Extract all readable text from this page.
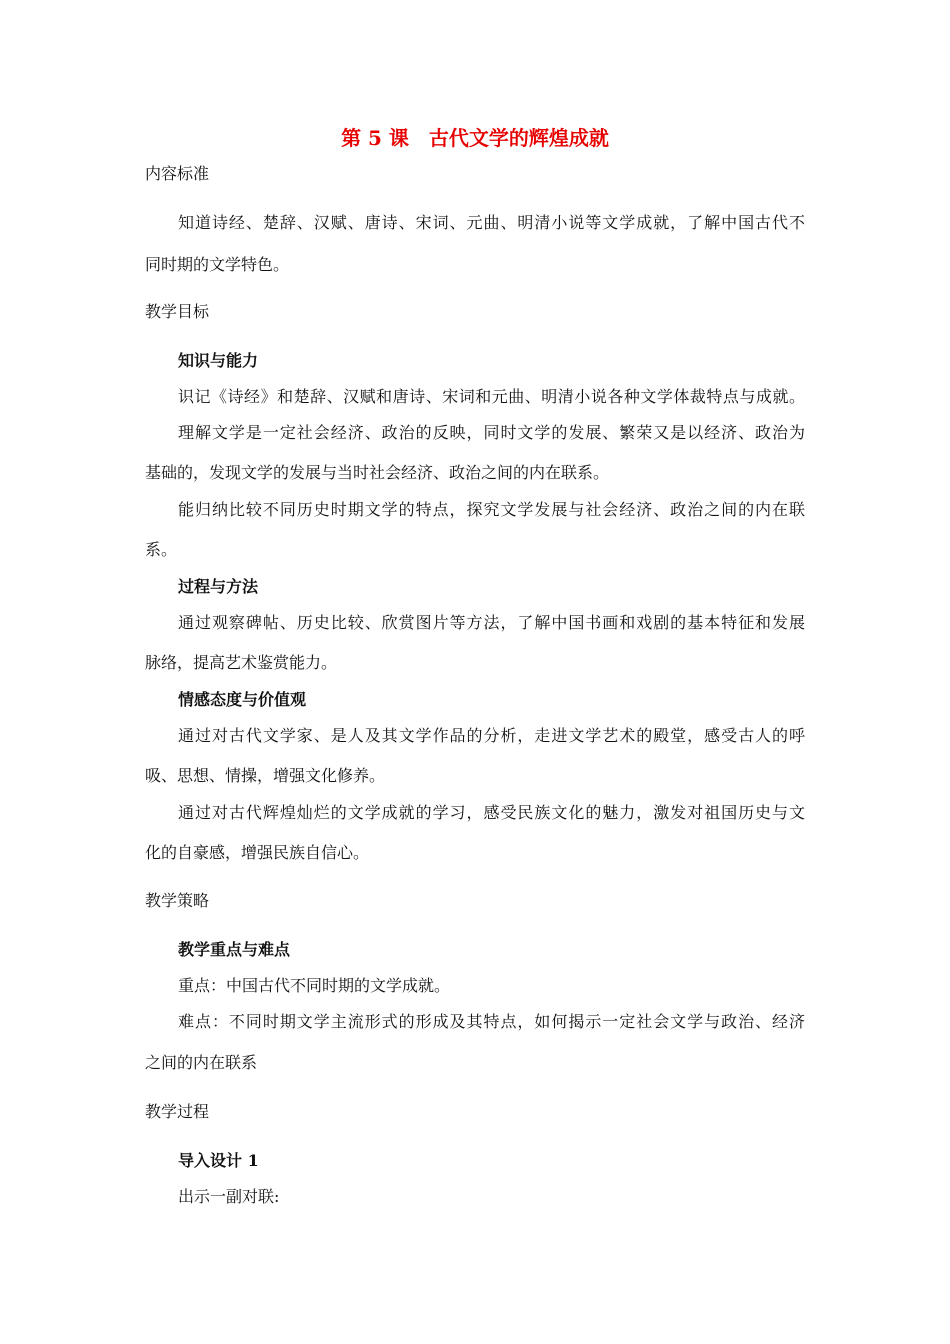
第 5 课　古代文学的辉煌成就
内容标准
知道诗经、楚辞、汉赋、唐诗、宋词、元曲、明清小说等文学成就，了解中国古代不
同时期的文学特色。
教学目标
知识与能力
识记《诗经》和楚辞、汉赋和唐诗、宋词和元曲、明清小说各种文学体裁特点与成就。
理解文学是一定社会经济、政治的反映，同时文学的发展、繁荣又是以经济、政治为
基础的，发现文学的发展与当时社会经济、政治之间的内在联系。
能归纳比较不同历史时期文学的特点，探究文学发展与社会经济、政治之间的内在联
系。
过程与方法
通过观察碑帖、历史比较、欣赏图片等方法，了解中国书画和戏剧的基本特征和发展
脉络，提高艺术鉴赏能力。
情感态度与价值观
通过对古代文学家、是人及其文学作品的分析，走进文学艺术的殿堂，感受古人的呼
吸、思想、情操，增强文化修养。
通过对古代辉煌灿烂的文学成就的学习，感受民族文化的魅力，激发对祖国历史与文
化的自豪感，增强民族自信心。
教学策略
教学重点与难点
重点：中国古代不同时期的文学成就。
难点：不同时期文学主流形式的形成及其特点，如何揭示一定社会文学与政治、经济
之间的内在联系
教学过程
导入设计 1
出示一副对联:
